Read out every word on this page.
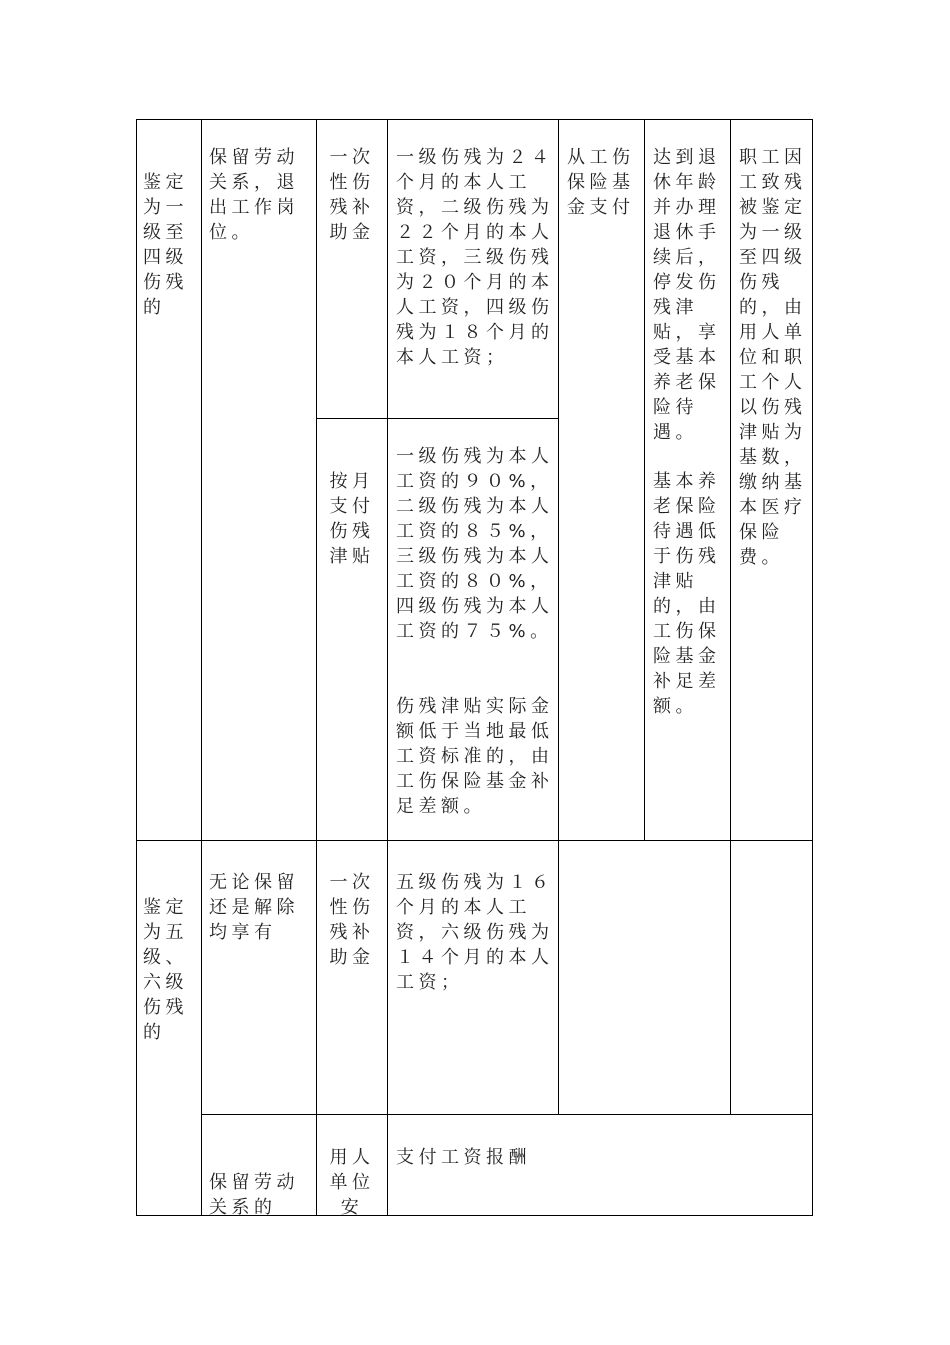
鉴定为一级至四级伤残的
保留劳动关系，退出工作岗位。
一次性伤残补助金
一级伤残为２４个月的本人工资，二级伤残为２２个月的本人工资，三级伤残为２０个月的本人工资，四级伤残为１８个月的本人工资；
按月支付伤残津贴
一级伤残为本人工资的９０%，二级伤残为本人工资的８５%，三级伤残为本人工资的８０%，四级伤残为本人工资的７５%。
伤残津贴实际金额低于当地最低工资标准的，由工伤保险基金补足差额。
从工伤保险基金支付
达到退休年龄并办理退休手续后，停发伤残津贴，享受基本养老保险待遇。
基本养老保险待遇低于伤残津贴的，由工伤保险基金补足差额。
职工因工致残被鉴定为一级至四级伤残的，由用人单位和职工个人以伤残津贴为基数，缴纳基本医疗保险费。
鉴定为五级、六级伤残的
无论保留还是解除均享有
一次性伤残补助金
五级伤残为１６个月的本人工资，六级伤残为１４个月的本人工资；
保留劳动关系的
用人单位安
支付工资报酬
